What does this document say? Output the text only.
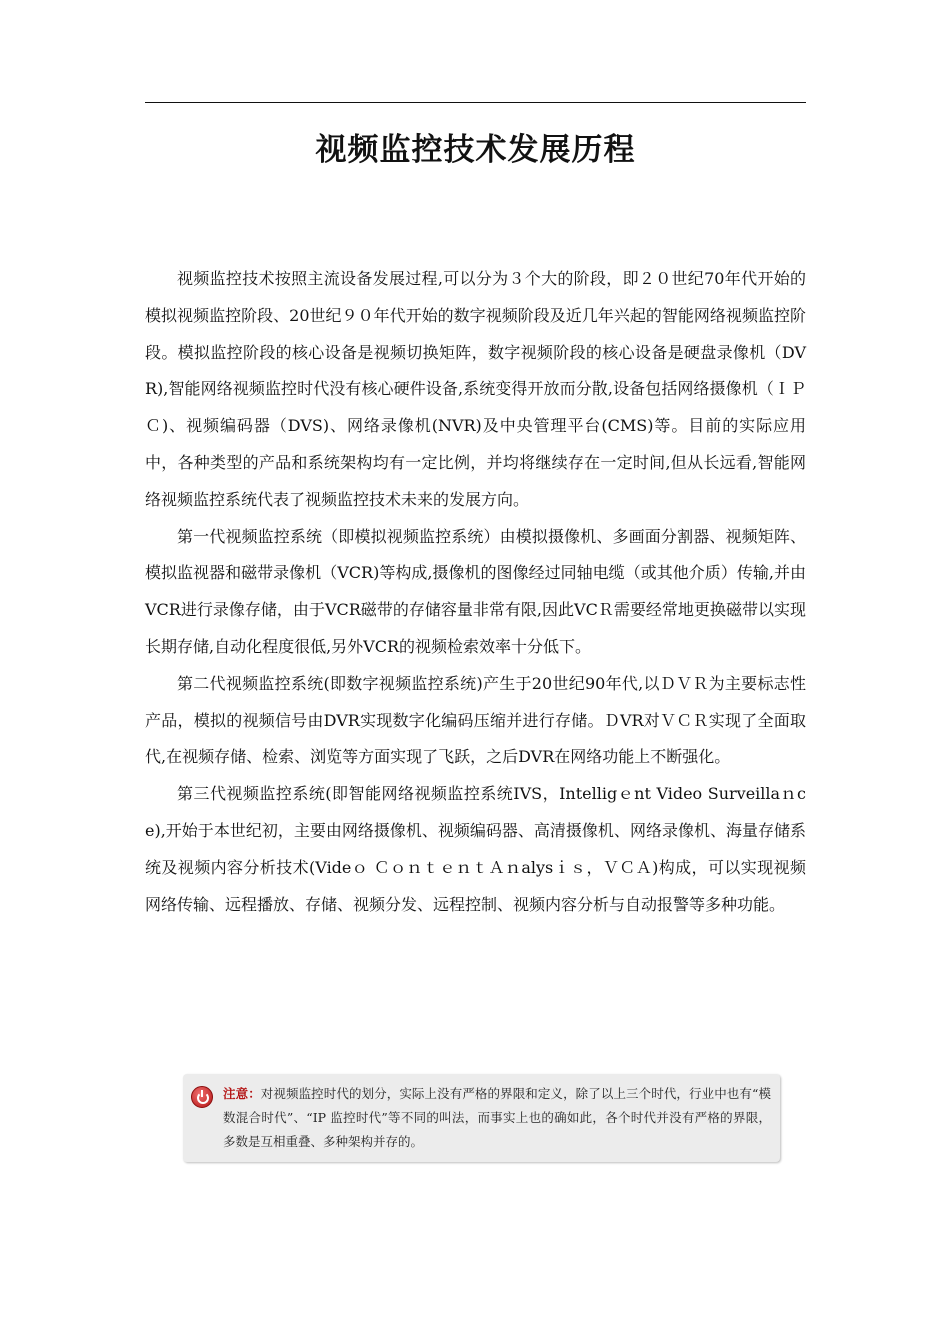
视频监控技术发展历程

视频监控技术按照主流设备发展过程,可以分为３个大的阶段，即２０世纪70年代开始的模拟视频监控阶段、20世纪９０年代开始的数字视频阶段及近几年兴起的智能网络视频监控阶段。模拟监控阶段的核心设备是视频切换矩阵，数字视频阶段的核心设备是硬盘录像机（DVR),智能网络视频监控时代没有核心硬件设备,系统变得开放而分散,设备包括网络摄像机（ＩＰＣ)、视频编码器（DVS)、网络录像机(NVR)及中央管理平台(CMS)等。目前的实际应用中，各种类型的产品和系统架构均有一定比例，并均将继续存在一定时间,但从长远看,智能网络视频监控系统代表了视频监控技术未来的发展方向。

第一代视频监控系统（即模拟视频监控系统）由模拟摄像机、多画面分割器、视频矩阵、模拟监视器和磁带录像机（VCR)等构成,摄像机的图像经过同轴电缆（或其他介质）传输,并由VCR进行录像存储，由于VCR磁带的存储容量非常有限,因此VCＲ需要经常地更换磁带以实现长期存储,自动化程度很低,另外VCR的视频检索效率十分低下。

第二代视频监控系统(即数字视频监控系统)产生于20世纪90年代,以ＤＶＲ为主要标志性产品，模拟的视频信号由DVR实现数字化编码压缩并进行存储。ＤVR对ＶＣＲ实现了全面取代,在视频存储、检索、浏览等方面实现了飞跃，之后DVR在网络功能上不断强化。

第三代视频监控系统(即智能网络视频监控系统IVS，Intelligｅnt Video Surveillaｎce),开始于本世纪初，主要由网络摄像机、视频编码器、高清摄像机、网络录像机、海量存储系统及视频内容分析技术(Videｏ ＣｏｎｔｅｎｔＡｎalysｉｓ，ＶＣＡ)构成，可以实现视频网络传输、远程播放、存储、视频分发、远程控制、视频内容分析与自动报警等多种功能。

注意：对视频监控时代的划分，实际上没有严格的界限和定义，除了以上三个时代，行业中也有“模数混合时代”、“IP 监控时代”等不同的叫法，而事实上也的确如此，各个时代并没有严格的界限，多数是互相重叠、多种架构并存的。
